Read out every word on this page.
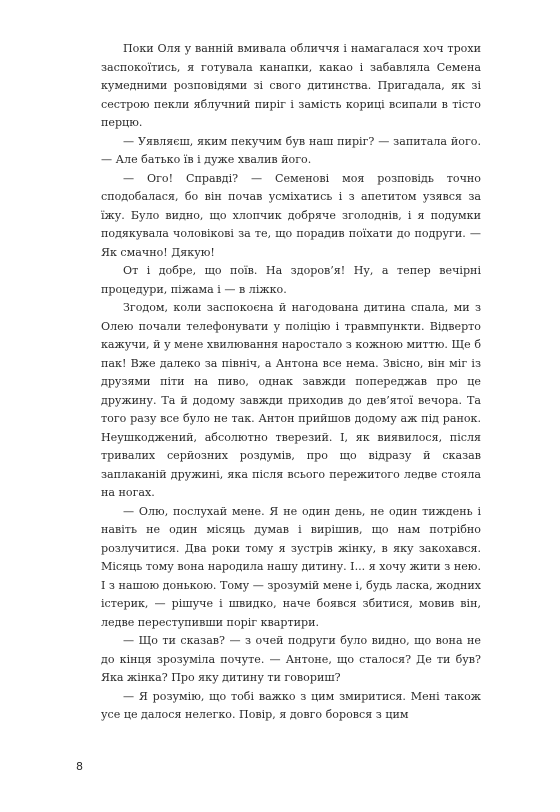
Поки Оля у ванній вмивала обличчя і намагалася хоч трохи заспокоїтись, я готувала канапки, какао і забавляла Семена кумедними розповідями зі свого дитинства. Пригадала, як зі сестрою пекли яблучний пиріг і замість кориці всипали в тісто перцю.

— Уявляєш, яким пекучим був наш пиріг? — запитала його. — Але батько їв і дуже хвалив його.

— Ого! Справді? — Семенові моя розповідь точно сподобалася, бо він почав усміхатись і з апетитом узявся за їжу. Було видно, що хлопчик добряче зголоднів, і я подумки подякувала чоловікові за те, що порадив поїхати до подруги. — Як смачно! Дякую!

От і добре, що поїв. На здоров’я! Ну, а тепер вечірні процедури, піжама і — в ліжко.

Згодом, коли заспокоєна й нагодована дитина спала, ми з Олею почали телефонувати у поліцію і травмпункти. Відверто кажучи, й у мене хвилювання наростало з кожною миттю. Ще б пак! Вже далеко за північ, а Антона все нема. Звісно, він міг із друзями піти на пиво, однак завжди попереджав про це дружину. Та й додому завжди приходив до дев’ятої вечора. Та того разу все було не так. Антон прийшов додому аж під ранок. Неушкоджений, абсолютно тверезий. І, як виявилося, після тривалих серйозних роздумів, про що відразу й сказав заплаканій дружині, яка після всього пережитого ледве стояла на ногах.

— Олю, послухай мене. Я не один день, не один тиждень і навіть не один місяць думав і вирішив, що нам потрібно розлучитися. Два роки тому я зустрів жінку, в яку закохався. Місяць тому вона народила нашу дитину. І... я хочу жити з нею. І з нашою донькою. Тому — зрозумій мене і, будь ласка, жодних істерик, — рішуче і швидко, наче боявся збитися, мовив він, ледве переступивши поріг квартири.

— Що ти сказав? — з очей подруги було видно, що вона не до кінця зрозуміла почуте. — Антоне, що сталося? Де ти був? Яка жінка? Про яку дитину ти говориш?

— Я розумію, що тобі важко з цим змиритися. Мені також усе це далося нелегко. Повір, я довго боровся з цим

8
